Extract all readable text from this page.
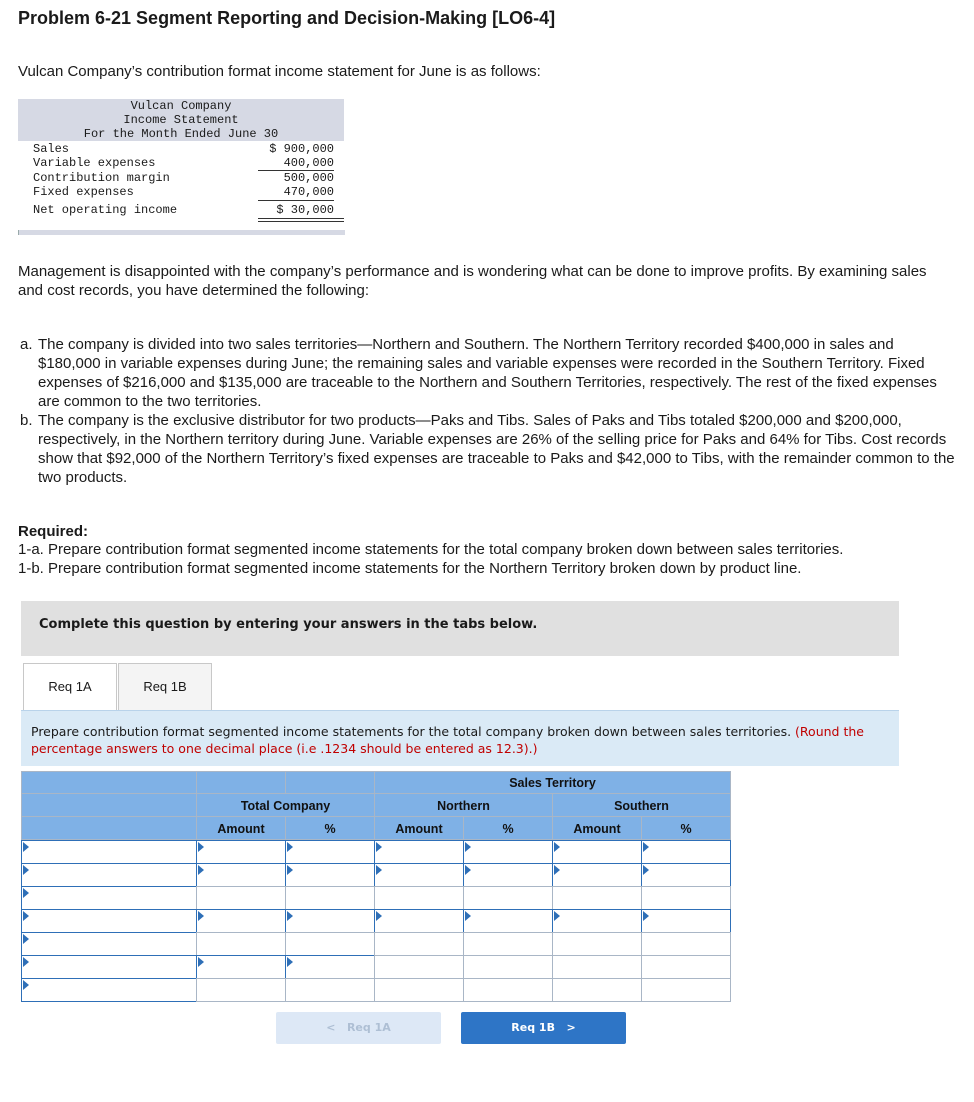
Problem 6-21 Segment Reporting and Decision-Making [LO6-4]

Vulcan Company’s contribution format income statement for June is as follows:

Vulcan Company
Income Statement
For the Month Ended June 30
Sales	$ 900,000
Variable expenses	400,000
Contribution margin	500,000
Fixed expenses	470,000
Net operating income	$ 30,000

Management is disappointed with the company’s performance and is wondering what can be done to improve profits. By examining sales and cost records, you have determined the following:

a. The company is divided into two sales territories—Northern and Southern. The Northern Territory recorded $400,000 in sales and $180,000 in variable expenses during June; the remaining sales and variable expenses were recorded in the Southern Territory. Fixed expenses of $216,000 and $135,000 are traceable to the Northern and Southern Territories, respectively. The rest of the fixed expenses are common to the two territories.

b. The company is the exclusive distributor for two products—Paks and Tibs. Sales of Paks and Tibs totaled $200,000 and $200,000, respectively, in the Northern territory during June. Variable expenses are 26% of the selling price for Paks and 64% for Tibs. Cost records show that $92,000 of the Northern Territory’s fixed expenses are traceable to Paks and $42,000 to Tibs, with the remainder common to the two products.

Required:
1-a. Prepare contribution format segmented income statements for the total company broken down between sales territories.
1-b. Prepare contribution format segmented income statements for the Northern Territory broken down by product line.
Complete this question by entering your answers in the tabs below.
Req 1A	Req 1B

Prepare contribution format segmented income statements for the total company broken down between sales territories. (Round the percentage answers to one decimal place (i.e .1234 should be entered as 12.3).)

Sales Territory
Total Company	Northern	Southern
Amount	%	Amount	%	Amount	%
<   Req 1A	Req 1B   >
